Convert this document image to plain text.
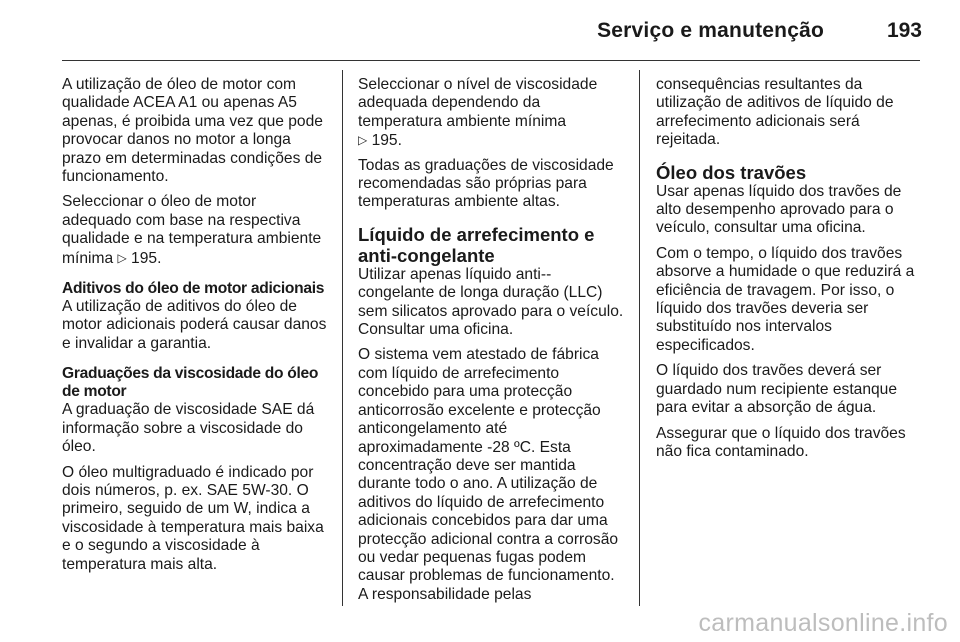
Serviço e manutenção	193

A utilização de óleo de motor com qualidade ACEA A1 ou apenas A5 apenas, é proibida uma vez que pode provocar danos no motor a longa prazo em determinadas condições de funcionamento.

Seleccionar o óleo de motor adequado com base na respectiva qualidade e na temperatura ambiente mínima ▷ 195.

Aditivos do óleo de motor adicionais

A utilização de aditivos do óleo de motor adicionais poderá causar danos e invalidar a garantia.

Graduações da viscosidade do óleo de motor

A graduação de viscosidade SAE dá informação sobre a viscosidade do óleo.

O óleo multigraduado é indicado por dois números, p. ex. SAE 5W-30. O primeiro, seguido de um W, indica a viscosidade à temperatura mais baixa e o segundo a viscosidade à temperatura mais alta.

Seleccionar o nível de viscosidade adequada dependendo da temperatura ambiente mínima
▷ 195.

Todas as graduações de viscosidade recomendadas são próprias para temperaturas ambiente altas.

Líquido de arrefecimento e anti-congelante

Utilizar apenas líquido anti--congelante de longa duração (LLC) sem silicatos aprovado para o veículo. Consultar uma oficina.

O sistema vem atestado de fábrica com líquido de arrefecimento concebido para uma protecção anticorrosão excelente e protecção anticongelamento até aproximadamente -28 ºC. Esta concentração deve ser mantida durante todo o ano. A utilização de aditivos do líquido de arrefecimento adicionais concebidos para dar uma protecção adicional contra a corrosão ou vedar pequenas fugas podem causar problemas de funcionamento. A responsabilidade pelas

consequências resultantes da utilização de aditivos de líquido de arrefecimento adicionais será rejeitada.

Óleo dos travões

Usar apenas líquido dos travões de alto desempenho aprovado para o veículo, consultar uma oficina.

Com o tempo, o líquido dos travões absorve a humidade o que reduzirá a eficiência de travagem. Por isso, o líquido dos travões deveria ser substituído nos intervalos especificados.

O líquido dos travões deverá ser guardado num recipiente estanque para evitar a absorção de água.

Assegurar que o líquido dos travões não fica contaminado.

carmanualsonline.info
